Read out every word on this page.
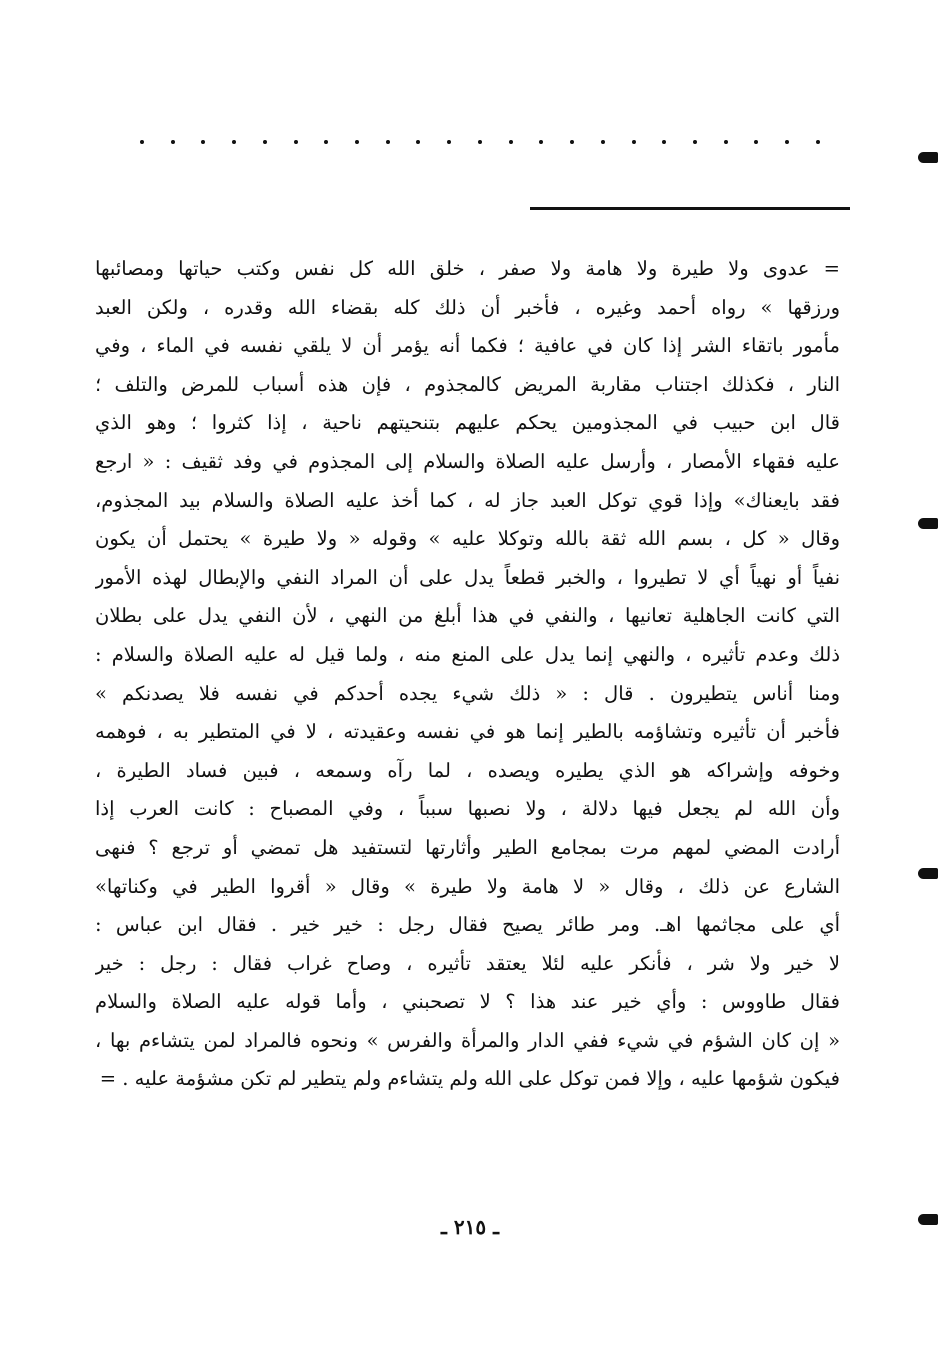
= عدوى ولا طيرة ولا هامة ولا صفر ، خلق الله كل نفس وكتب حياتها ومصائبها
ورزقها » رواه أحمد وغيره ، فأخبر أن ذلك كله بقضاء الله وقدره ، ولكن العبد
مأمور باتقاء الشر إذا كان في عافية ؛ فكما أنه يؤمر أن لا يلقي نفسه في الماء ، وفي
النار ، فكذلك اجتناب مقاربة المريض كالمجذوم ، فإن هذه أسباب للمرض والتلف ؛
قال ابن حبيب في المجذومين يحكم عليهم بتنحيتهم ناحية ، إذا كثروا ؛ وهو الذي
عليه فقهاء الأمصار ، وأرسل عليه الصلاة والسلام إلى المجذوم في وفد ثقيف : « ارجع
فقد بايعناك» وإذا قوي توكل العبد جاز له ، كما أخذ عليه الصلاة والسلام بيد المجذوم،
وقال « كل ، بسم الله ثقة بالله وتوكلا عليه » وقوله « ولا طيرة » يحتمل أن يكون
نفياً أو نهياً أي لا تطيروا ، والخبر قطعاً يدل على أن المراد النفي والإبطال لهذه الأمور
التي كانت الجاهلية تعانيها ، والنفي في هذا أبلغ من النهي ، لأن النفي يدل على بطلان
ذلك وعدم تأثيره ، والنهي إنما يدل على المنع منه ، ولما قيل له عليه الصلاة والسلام :
ومنا أناس يتطيرون . قال : « ذلك شيء يجده أحدكم في نفسه فلا يصدنكم »
فأخبر أن تأثيره وتشاؤمه بالطير إنما هو في نفسه وعقيدته ، لا في المتطير به ، فوهمه
وخوفه وإشراكه هو الذي يطيره ويصده ، لما رآه وسمعه ، فبين فساد الطيرة ،
وأن الله لم يجعل فيها دلالة ، ولا نصبها سبباً ، وفي المصباح : كانت العرب إذا
أرادت المضي لمهم مرت بمجامع الطير وأثارتها لتستفيد هل تمضي أو ترجع ؟ فنهى
الشارع عن ذلك ، وقال « لا هامة ولا طيرة » وقال « أقروا الطير في وكناتها»
أي على مجاثمها اهـ. ومر طائر يصيح فقال رجل : خير خير . فقال ابن عباس :
لا خير ولا شر ، فأنكر عليه لئلا يعتقد تأثيره ، وصاح غراب فقال : رجل : خير
فقال طاووس : وأي خير عند هذا ؟ لا تصحبني ، وأما قوله عليه الصلاة والسلام
« إن كان الشؤم في شيء ففي الدار والمرأة والفرس » ونحوه فالمراد لمن يتشاءم بها ،
فيكون شؤمها عليه ، وإلا فمن توكل على الله ولم يتشاءم ولم يتطير لم تكن مشؤمة عليه . =
ـ ٢١٥ ـ
